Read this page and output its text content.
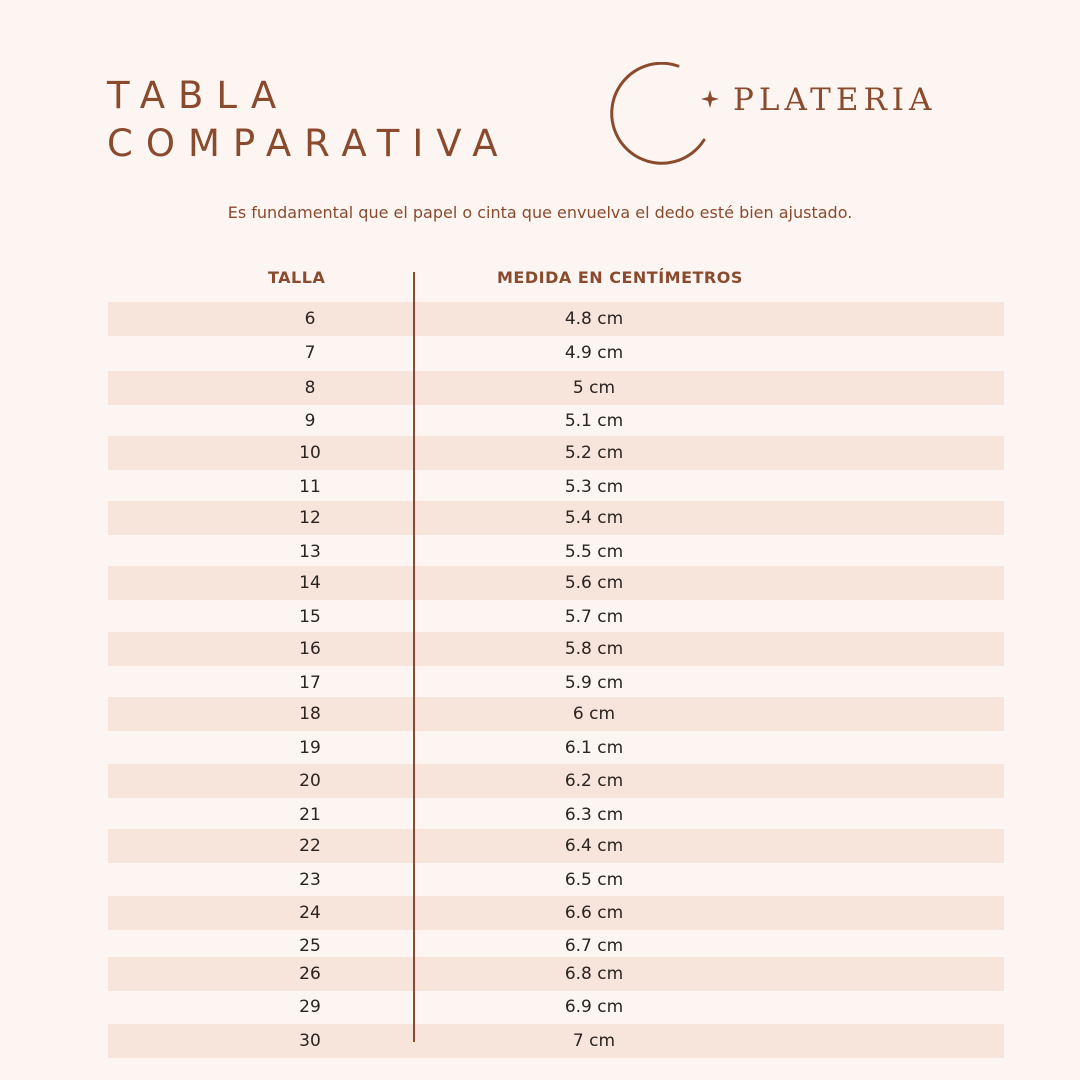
TABLA
COMPARATIVA
PLATERIA
Es fundamental que el papel o cinta que envuelva el dedo esté bien ajustado.
TALLA	MEDIDA EN CENTÍMETROS
6	4.8 cm
7	4.9 cm
8	5 cm
9	5.1 cm
10	5.2 cm
11	5.3 cm
12	5.4 cm
13	5.5 cm
14	5.6 cm
15	5.7 cm
16	5.8 cm
17	5.9 cm
18	6 cm
19	6.1 cm
20	6.2 cm
21	6.3 cm
22	6.4 cm
23	6.5 cm
24	6.6 cm
25	6.7 cm
26	6.8 cm
29	6.9 cm
30	7 cm
